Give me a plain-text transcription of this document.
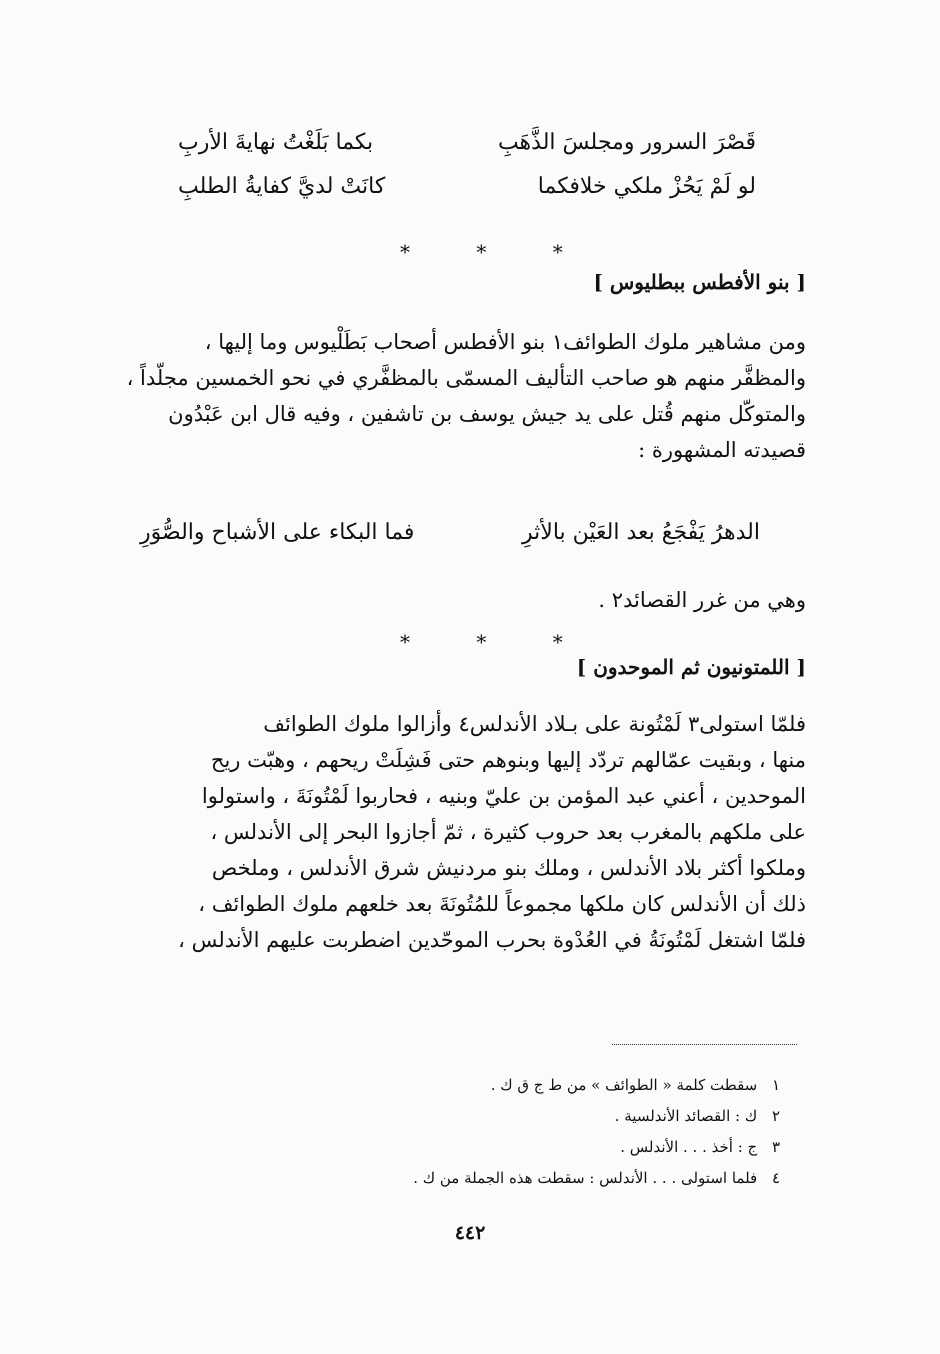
قَصْرَ السرور ومجلسَ الذَّهَبِ
بكما بَلَغْتُ نهايةَ الأربِ
لو لَمْ يَحُزْ ملكي خلافكما
كانَتْ لديَّ كفايةُ الطلبِ
* * *
[ بنو الأفطس ببطليوس ]
ومن مشاهير ملوك الطوائف١ بنو الأفطس أصحاب بَطَلْيوس وما إليها ،
والمظفَّر منهم هو صاحب التأليف المسمّى بالمظفَّري في نحو الخمسين مجلّداً ،
والمتوكّل منهم قُتل على يد جيش يوسف بن تاشفين ، وفيه قال ابن عَبْدُون
قصيدته المشهورة :
الدهرُ يَفْجَعُ بعد العَيْن بالأثرِ
فما البكاء على الأشباح والصُّوَرِ
وهي من غرر القصائد٢ .
* * *
[ اللمتونيون ثم الموحدون ]
فلمّا استولى٣ لَمْتُونة على بـلاد الأندلس٤ وأزالوا ملوك الطوائف
منها ، وبقيت عمّالهم تردّد إليها وبنوهم حتى فَشِلَتْ ريحهم ، وهبّت ريح
الموحدين ، أعني عبد المؤمن بن عليّ وبنيه ، فحاربوا لَمْتُونَةَ ، واستولوا
على ملكهم بالمغرب بعد حروب كثيرة ، ثمّ أجازوا البحر إلى الأندلس ،
وملكوا أكثر بلاد الأندلس ، وملك بنو مردنيش شرق الأندلس ، وملخص
ذلك أن الأندلس كان ملكها مجموعاً للمُتُونَةَ بعد خلعهم ملوك الطوائف ،
فلمّا اشتغل لَمْتُونَةُ في العُدْوة بحرب الموحّدين اضطربت عليهم الأندلس ،
١ سقطت كلمة « الطوائف » من ط ج ق ك .
٢ ك : القصائد الأندلسية .
٣ ج : أخذ . . . الأندلس .
٤ فلما استولى . . . الأندلس : سقطت هذه الجملة من ك .
٤٤٢
